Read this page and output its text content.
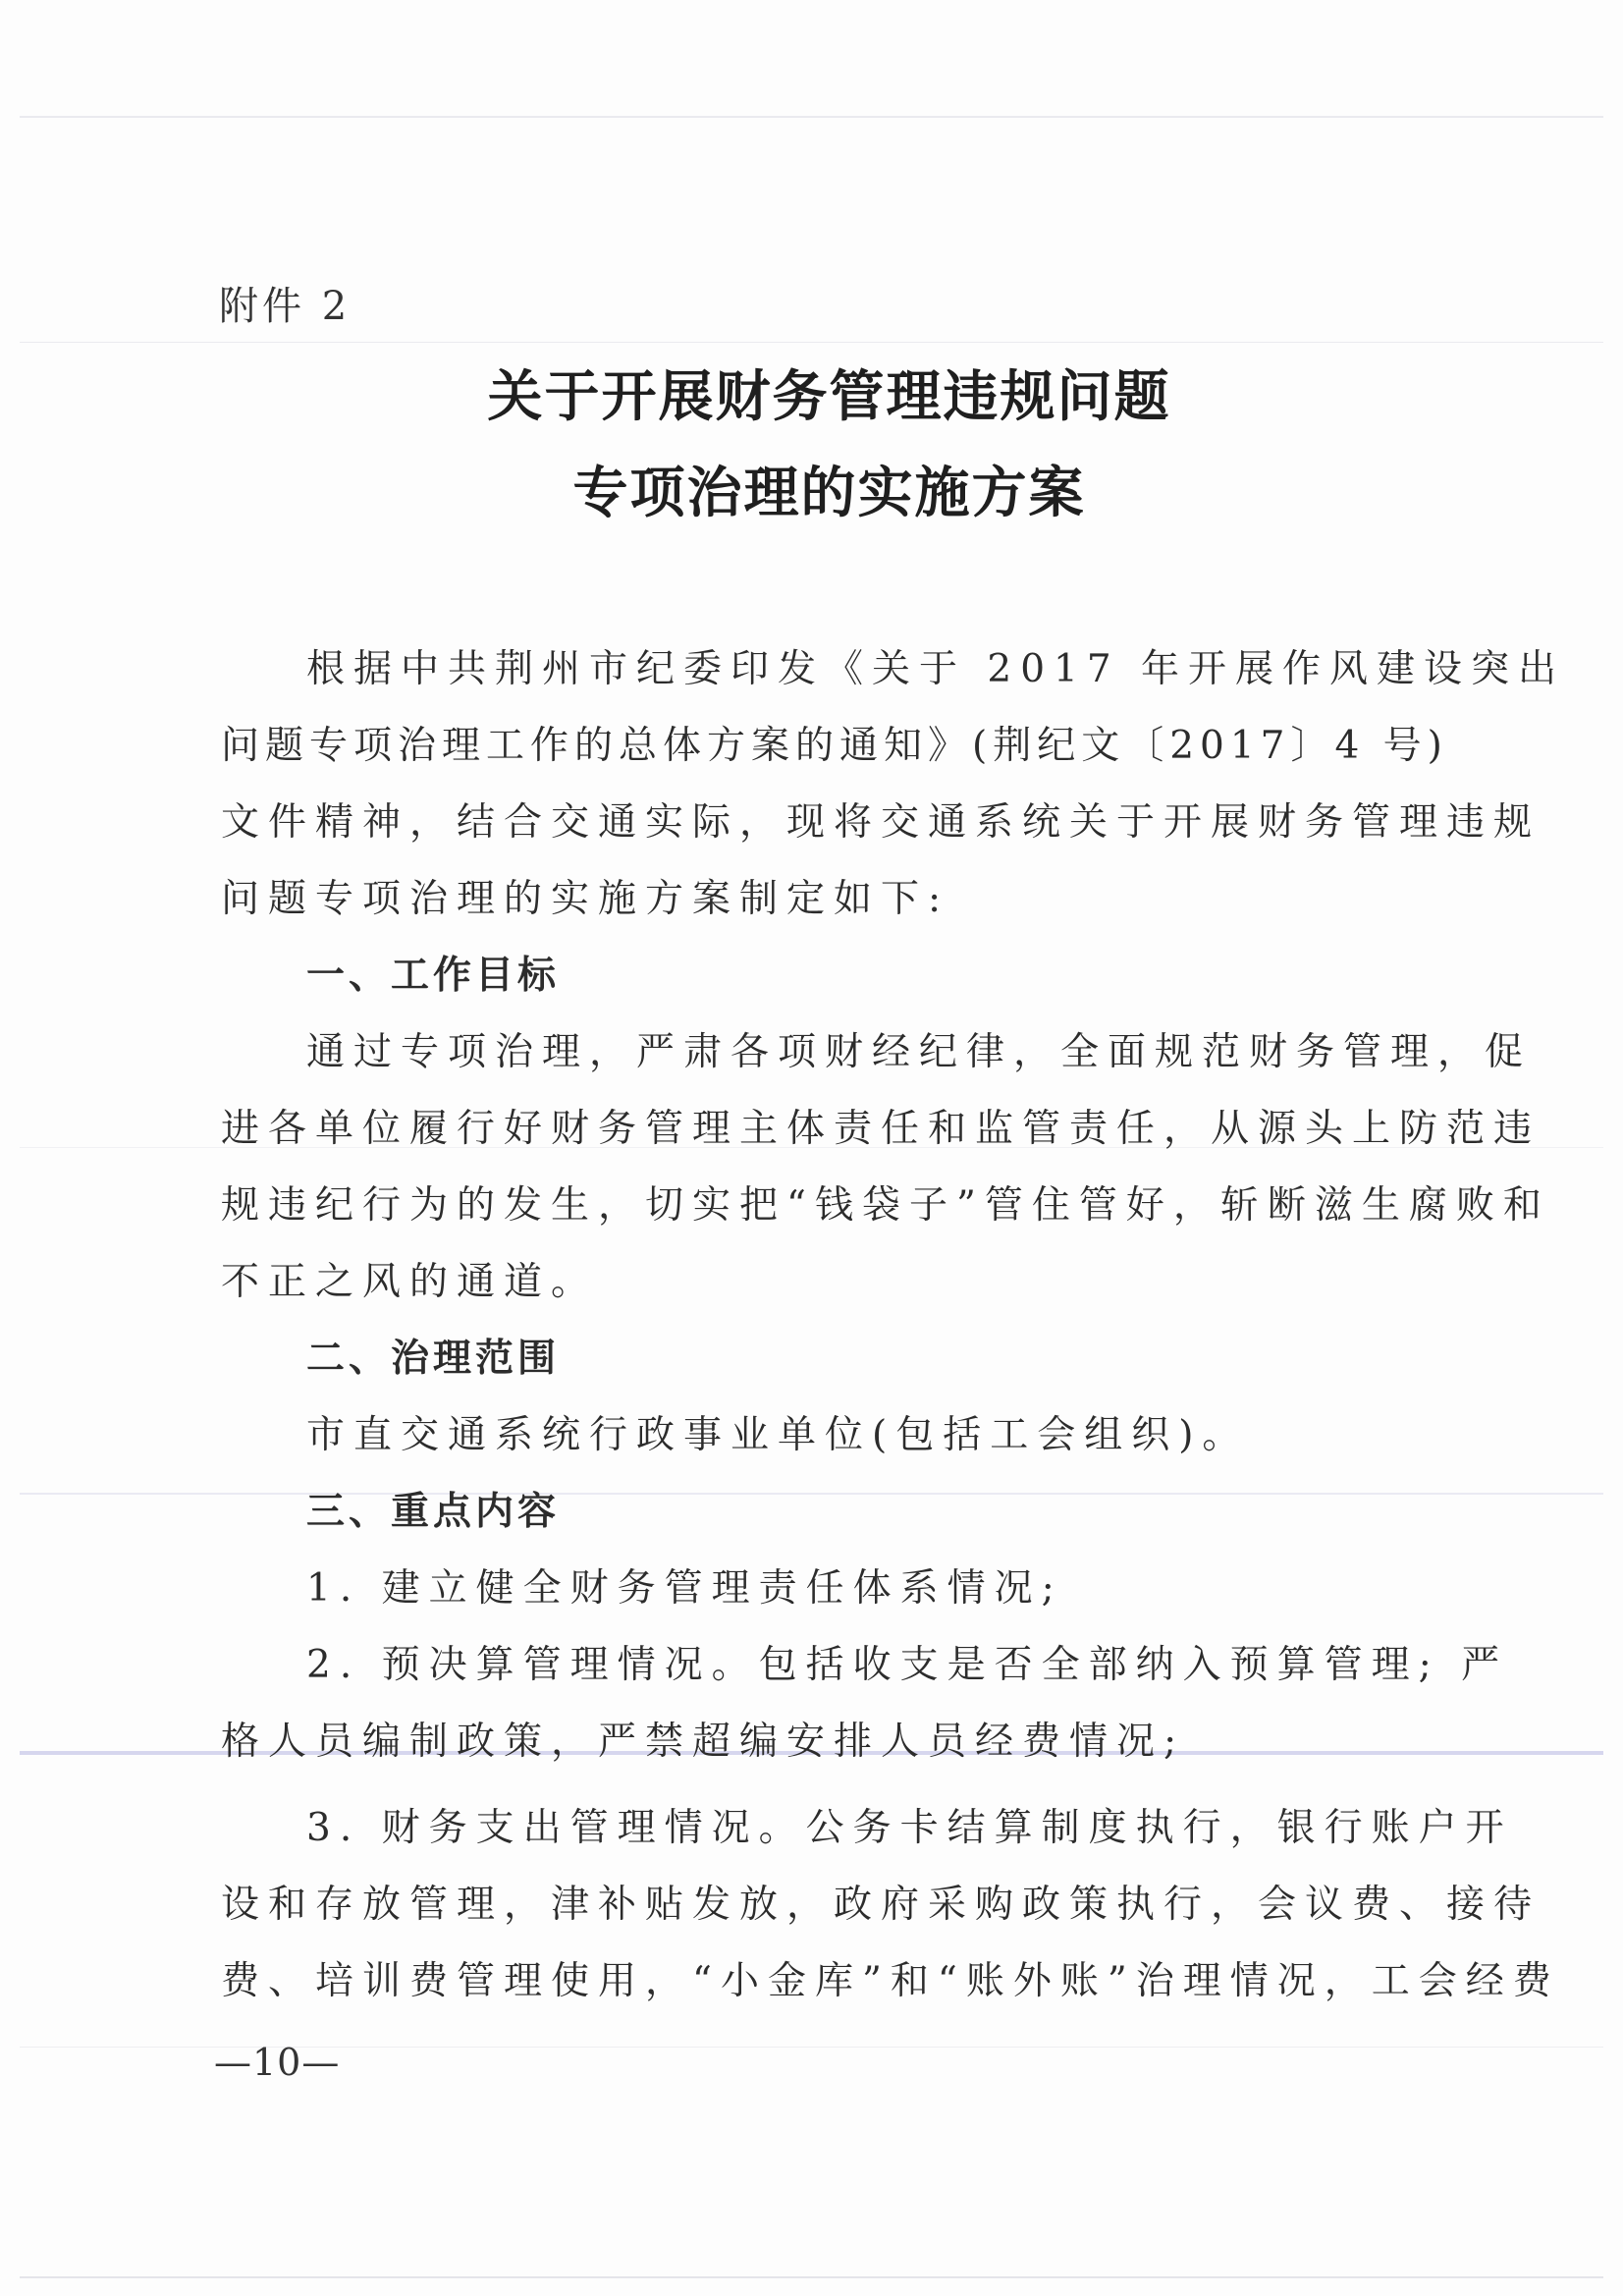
附件 2
关于开展财务管理违规问题
专项治理的实施方案
根据中共荆州市纪委印发《关于 2017 年开展作风建设突出
问题专项治理工作的总体方案的通知》(荆纪文〔2017〕4 号)
文件精神，结合交通实际，现将交通系统关于开展财务管理违规
问题专项治理的实施方案制定如下:
一、工作目标
通过专项治理，严肃各项财经纪律，全面规范财务管理，促
进各单位履行好财务管理主体责任和监管责任，从源头上防范违
规违纪行为的发生，切实把“钱袋子”管住管好，斩断滋生腐败和
不正之风的通道。
二、治理范围
市直交通系统行政事业单位(包括工会组织)。
三、重点内容
1. 建立健全财务管理责任体系情况;
2. 预决算管理情况。包括收支是否全部纳入预算管理; 严
格人员编制政策，严禁超编安排人员经费情况;
3. 财务支出管理情况。公务卡结算制度执行，银行账户开
设和存放管理，津补贴发放，政府采购政策执行，会议费、接待
费、培训费管理使用，“小金库”和“账外账”治理情况，工会经费
—10—
